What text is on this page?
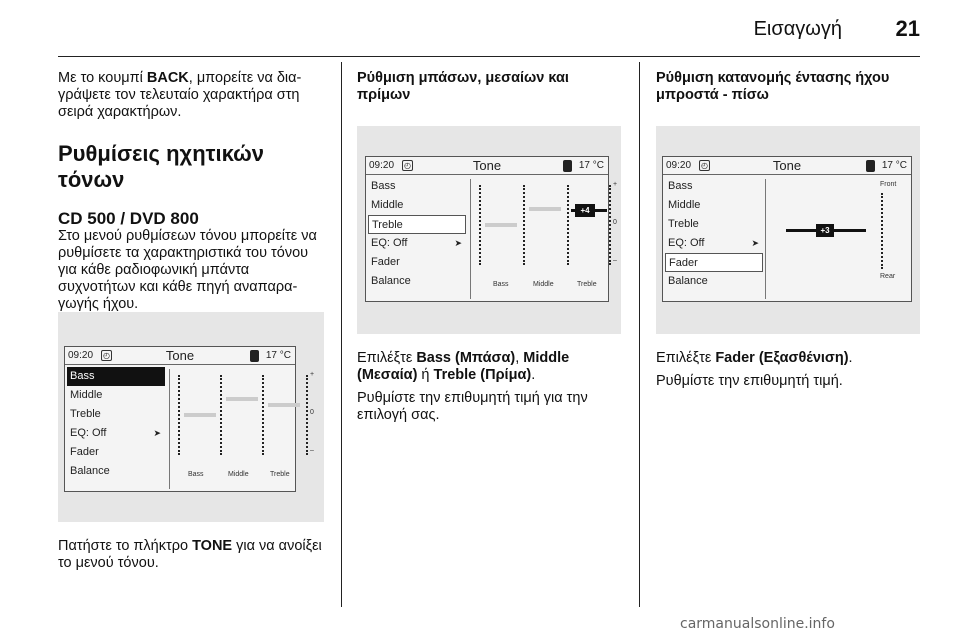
Εισαγωγή 21

Με το κουμπί BACK, μπορείτε να δια-γράψετε τον τελευταίο χαρακτήρα στη σειρά χαρακτήρων.

Ρυθμίσεις ηχητικών τόνων
CD 500 / DVD 800

Στο μενού ρυθμίσεων τόνου μπορείτε να ρυθμίσετε τα χαρακτηριστικά του τόνου για κάθε ραδιοφωνική μπάντα συχνοτήτων και κάθε πηγή αναπαρα-γωγής ήχου.

Πατήστε το πλήκτρο TONE για να ανοίξει το μενού τόνου.

09:20 ◴	Tone	17 °C
Bass
Middle
Treble
EQ: Off	➤
Fader
Balance
+
0
–
Bass	Middle	Treble
Ρύθμιση μπάσων, μεσαίων και πρίμων

Επιλέξτε Bass (Μπάσα), Middle (Μεσαία) ή Treble (Πρίμα).

Ρυθμίστε την επιθυμητή τιμή για την επιλογή σας.

09:20 ◴	Tone	17 °C
Bass
Middle
Treble
EQ: Off	➤
Fader
Balance
+4
+
0
–
Bass	Middle	Treble
Ρύθμιση κατανομής έντασης ήχου μπροστά - πίσω

Επιλέξτε Fader (Εξασθένιση).

Ρυθμίστε την επιθυμητή τιμή.

09:20 ◴	Tone	17 °C
Bass
Middle
Treble
EQ: Off	➤
Fader
Balance
+3
Front
Rear
carmanualsonline.info
